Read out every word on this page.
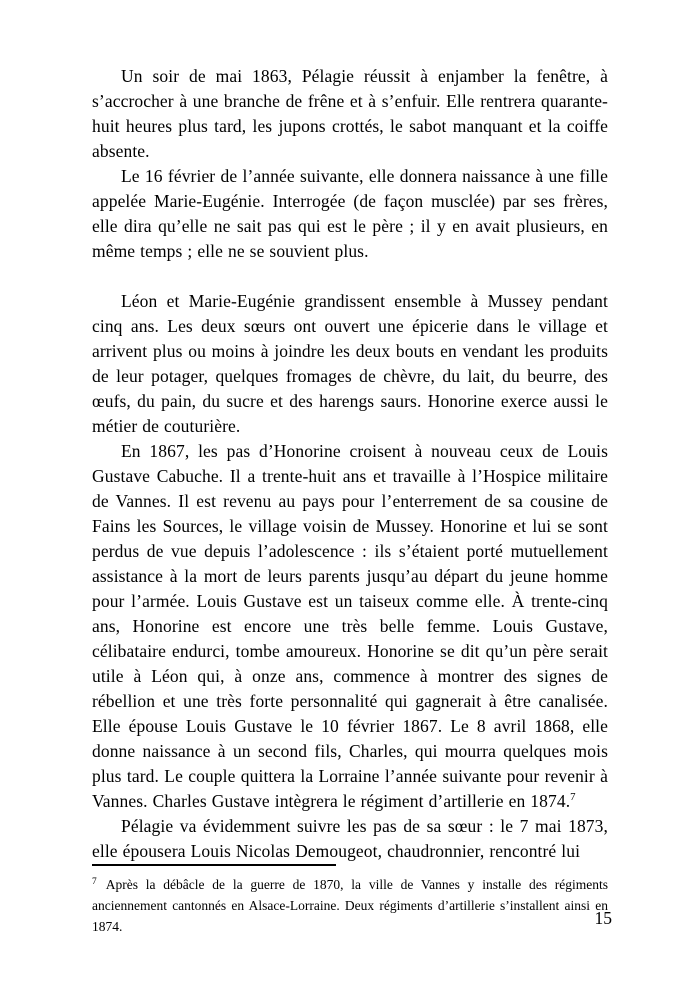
Un soir de mai 1863, Pélagie réussit à enjamber la fenêtre, à s’accrocher à une branche de frêne et à s’enfuir. Elle rentrera quarante-huit heures plus tard, les jupons crottés, le sabot manquant et la coiffe absente.

Le 16 février de l’année suivante, elle donnera naissance à une fille appelée Marie-Eugénie. Interrogée (de façon musclée) par ses frères, elle dira qu’elle ne sait pas qui est le père ; il y en avait plusieurs, en même temps ; elle ne se souvient plus.

Léon et Marie-Eugénie grandissent ensemble à Mussey pendant cinq ans. Les deux sœurs ont ouvert une épicerie dans le village et arrivent plus ou moins à joindre les deux bouts en vendant les produits de leur potager, quelques fromages de chèvre, du lait, du beurre, des œufs, du pain, du sucre et des harengs saurs. Honorine exerce aussi le métier de couturière.

En 1867, les pas d’Honorine croisent à nouveau ceux de Louis Gustave Cabuche. Il a trente-huit ans et travaille à l’Hospice militaire de Vannes. Il est revenu au pays pour l’enterrement de sa cousine de Fains les Sources, le village voisin de Mussey. Honorine et lui se sont perdus de vue depuis l’adolescence : ils s’étaient porté mutuellement assistance à la mort de leurs parents jusqu’au départ du jeune homme pour l’armée. Louis Gustave est un taiseux comme elle. À trente-cinq ans, Honorine est encore une très belle femme. Louis Gustave, célibataire endurci, tombe amoureux. Honorine se dit qu’un père serait utile à Léon qui, à onze ans, commence à montrer des signes de rébellion et une très forte personnalité qui gagnerait à être canalisée. Elle épouse Louis Gustave le 10 février 1867. Le 8 avril 1868, elle donne naissance à un second fils, Charles, qui mourra quelques mois plus tard. Le couple quittera la Lorraine l’année suivante pour revenir à Vannes. Charles Gustave intègrera le régiment d’artillerie en 1874.$^7$

Pélagie va évidemment suivre les pas de sa sœur : le 7 mai 1873, elle épousera Louis Nicolas Demougeot, chaudronnier, rencontré lui

$^7$ Après la débâcle de la guerre de 1870, la ville de Vannes y installe des régiments anciennement cantonnés en Alsace-Lorraine. Deux régiments d’artillerie s’installent ainsi en 1874.	15
